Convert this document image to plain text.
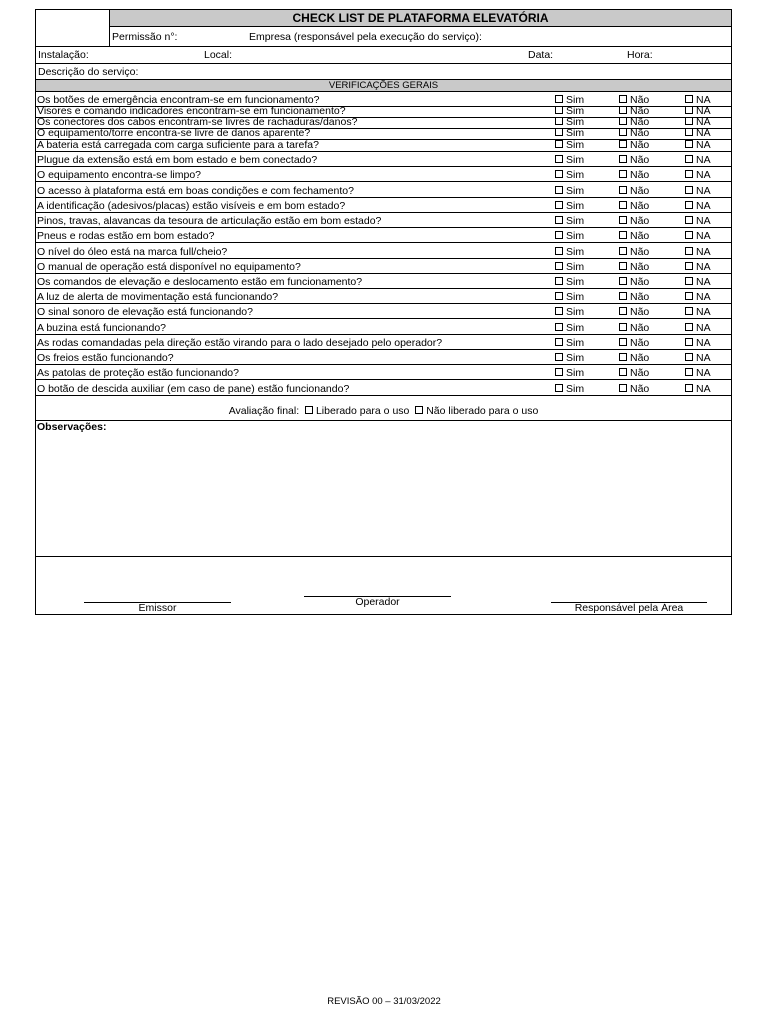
CHECK LIST DE PLATAFORMA ELEVATÓRIA
Permissão n°:	Empresa (responsável pela execução do serviço):
Instalação:	Local:	Data:	Hora:
Descrição do serviço:
VERIFICAÇÕES GERAIS
Os botões de emergência encontram-se em funcionamento?	Sim	Não	NA
Visores e comando indicadores encontram-se em funcionamento?	Sim	Não	NA
Os conectores dos cabos encontram-se livres de rachaduras/danos?	Sim	Não	NA
O equipamento/torre encontra-se livre de danos aparente?	Sim	Não	NA
A bateria está carregada com carga suficiente para a tarefa?	Sim	Não	NA
Plugue da extensão está em bom estado e bem conectado?	Sim	Não	NA
O equipamento encontra-se limpo?	Sim	Não	NA
O acesso à plataforma está em boas condições e com fechamento?	Sim	Não	NA
A identificação (adesivos/placas) estão visíveis e em bom estado?	Sim	Não	NA
Pinos, travas, alavancas da tesoura de articulação estão em bom estado?	Sim	Não	NA
Pneus e rodas estão em bom estado?	Sim	Não	NA
O nível do óleo está na marca full/cheio?	Sim	Não	NA
O manual de operação está disponível no equipamento?	Sim	Não	NA
Os comandos de elevação e deslocamento estão em funcionamento?	Sim	Não	NA
A luz de alerta de movimentação está funcionando?	Sim	Não	NA
O sinal sonoro de elevação está funcionando?	Sim	Não	NA
A buzina está funcionando?	Sim	Não	NA
As rodas comandadas pela direção estão virando para o lado desejado pelo operador?	Sim	Não	NA
Os freios estão funcionando?	Sim	Não	NA
As patolas de proteção estão funcionando?	Sim	Não	NA
O botão de descida auxiliar (em caso de pane) estão funcionando?	Sim	Não	NA
Avaliação final: Liberado para o uso Não liberado para o uso
Observações:
Emissor	Operador	Responsável pela Área
REVISÃO 00 – 31/03/2022
